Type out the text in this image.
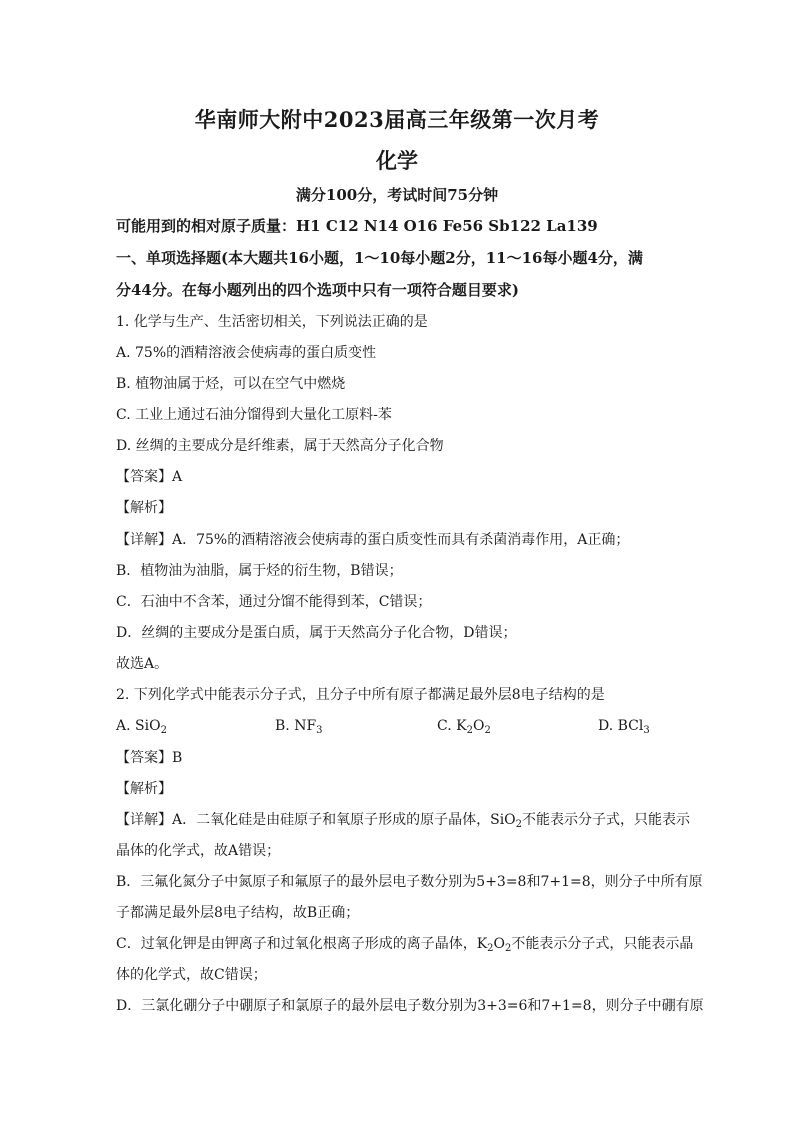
华南师大附中2023届高三年级第一次月考
化学
满分100分，考试时间75分钟
可能用到的相对原子质量：H1 C12 N14 O16 Fe56 Sb122 La139
一、单项选择题(本大题共16小题，1～10每小题2分，11～16每小题4分，满
分44分。在每小题列出的四个选项中只有一项符合题目要求)
1. 化学与生产、生活密切相关，下列说法正确的是
A. 75%的酒精溶液会使病毒的蛋白质变性
B. 植物油属于烃，可以在空气中燃烧
C. 工业上通过石油分馏得到大量化工原料-苯
D. 丝绸的主要成分是纤维素，属于天然高分子化合物
【答案】A
【解析】
【详解】A．75%的酒精溶液会使病毒的蛋白质变性而具有杀菌消毒作用，A正确；
B．植物油为油脂，属于烃的衍生物，B错误；
C．石油中不含苯，通过分馏不能得到苯，C错误；
D．丝绸的主要成分是蛋白质，属于天然高分子化合物，D错误；
故选A。
2. 下列化学式中能表示分子式，且分子中所有原子都满足最外层8电子结构的是
A. SiO$_2$	B. $NF_3$	C. $K_2O_2$	D. BCl$_3$
【答案】B
【解析】
【详解】A．二氧化硅是由硅原子和氧原子形成的原子晶体，SiO$_2$不能表示分子式，只能表示
晶体的化学式，故A错误；
B．三氟化氮分子中氮原子和氟原子的最外层电子数分别为5+3=8和7+1=8，则分子中所有原
子都满足最外层8电子结构，故B正确；
C．过氧化钾是由钾离子和过氧化根离子形成的离子晶体，$K_2O_2$不能表示分子式，只能表示晶
体的化学式，故C错误；
D．三氯化硼分子中硼原子和氯原子的最外层电子数分别为3+3=6和7+1=8，则分子中硼有原
